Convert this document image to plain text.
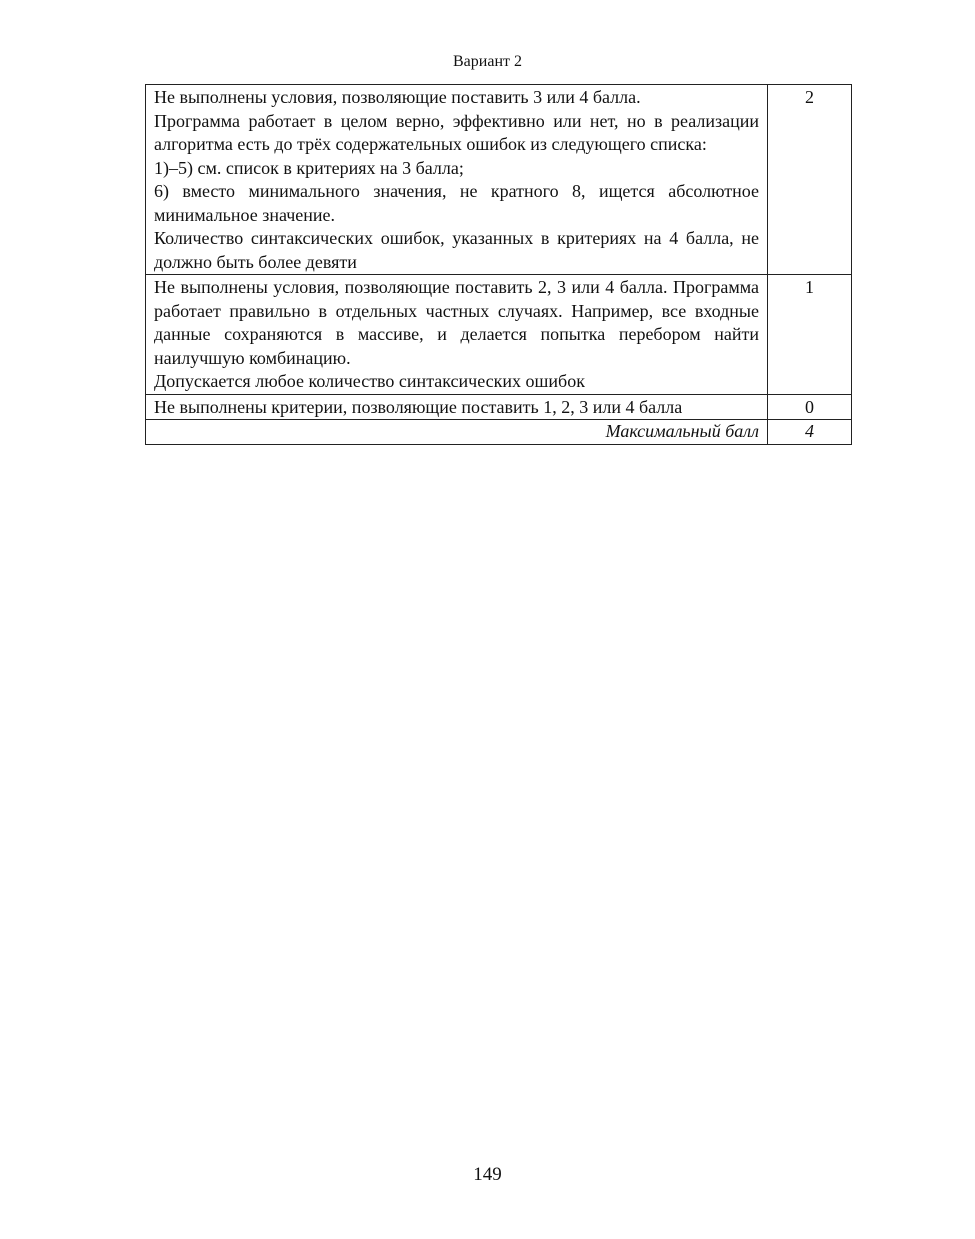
Вариант 2

Не выполнены условия, позволяющие поставить 3 или 4 балла.

Программа работает в целом верно, эффективно или нет, но в реализации алгоритма есть до трёх содержательных ошибок из следующего списка:

1)–5) см. список в критериях на 3 балла;

6) вместо минимального значения, не кратного 8, ищется абсолютное минимальное значение.

Количество синтаксических ошибок, указанных в критериях на 4 балла, не должно быть более девяти	2

Не выполнены условия, позволяющие поставить 2, 3 или 4 балла. Программа работает правильно в отдельных частных случаях. Например, все входные данные сохраняются в массиве, и делается попытка перебором найти наилучшую комбинацию.

Допускается любое количество синтаксических ошибок	1

Не выполнены критерии, позволяющие поставить 1, 2, 3 или 4 балла	0
Максимальный балл	4
149
